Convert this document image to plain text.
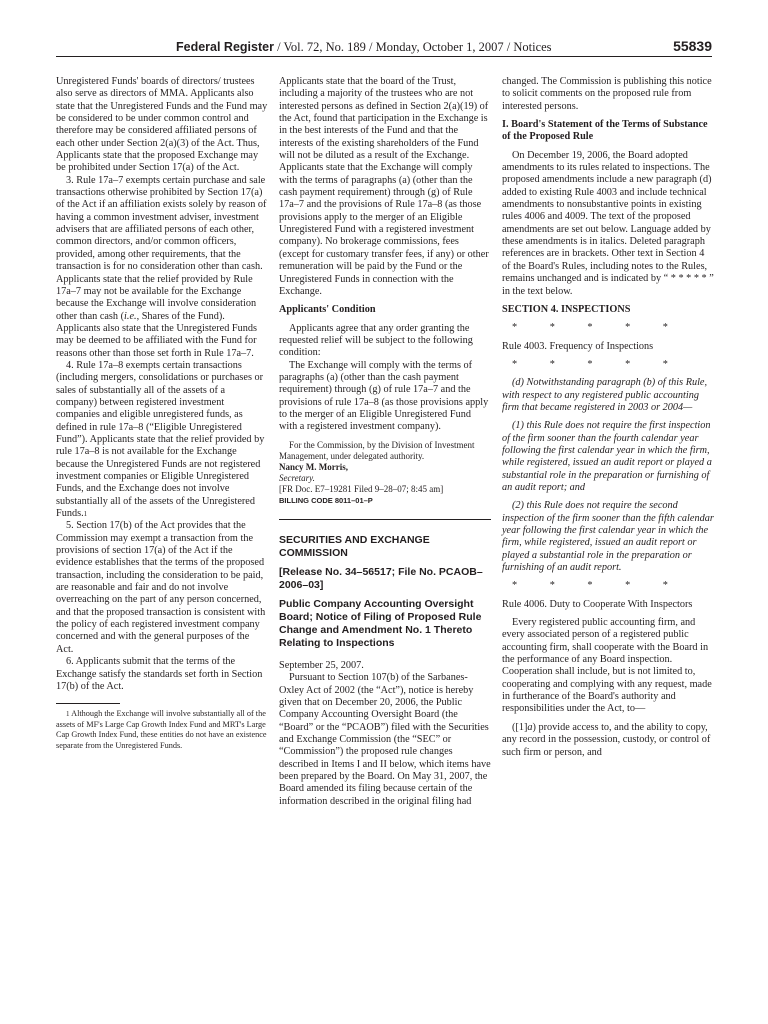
Federal Register / Vol. 72, No. 189 / Monday, October 1, 2007 / Notices	55839

Unregistered Funds' boards of directors/ trustees also serve as directors of MMA. Applicants also state that the Unregistered Funds and the Fund may be considered to be under common control and therefore may be considered affiliated persons of each other under Section 2(a)(3) of the Act. Thus, Applicants state that the proposed Exchange may be prohibited under Section 17(a) of the Act.

3. Rule 17a–7 exempts certain purchase and sale transactions otherwise prohibited by Section 17(a) of the Act if an affiliation exists solely by reason of having a common investment adviser, investment advisers that are affiliated persons of each other, common directors, and/or common officers, provided, among other requirements, that the transaction is for no consideration other than cash. Applicants state that the relief provided by Rule 17a–7 may not be available for the Exchange because the Exchange will involve consideration other than cash (i.e., Shares of the Fund). Applicants also state that the Unregistered Funds may be deemed to be affiliated with the Fund for reasons other than those set forth in Rule 17a–7.

4. Rule 17a–8 exempts certain transactions (including mergers, consolidations or purchases or sales of substantially all of the assets of a company) between registered investment companies and eligible unregistered funds, as defined in rule 17a–8 (“Eligible Unregistered Fund”). Applicants state that the relief provided by rule 17a–8 is not available for the Exchange because the Unregistered Funds are not registered investment companies or Eligible Unregistered Funds, and the Exchange does not involve substantially all of the assets of the Unregistered Funds.$^1$

5. Section 17(b) of the Act provides that the Commission may exempt a transaction from the provisions of section 17(a) of the Act if the evidence establishes that the terms of the proposed transaction, including the consideration to be paid, are reasonable and fair and do not involve overreaching on the part of any person concerned, and that the proposed transaction is consistent with the policy of each registered investment company concerned and with the general purposes of the Act.

6. Applicants submit that the terms of the Exchange satisfy the standards set forth in Section 17(b) of the Act.

$^1$ Although the Exchange will involve substantially all of the assets of MF's Large Cap Growth Index Fund and MRT's Large Cap Growth Index Fund, these entities do not have an existence separate from the Unregistered Funds.

Applicants state that the board of the Trust, including a majority of the trustees who are not interested persons as defined in Section 2(a)(19) of the Act, found that participation in the Exchange is in the best interests of the Fund and that the interests of the existing shareholders of the Fund will not be diluted as a result of the Exchange. Applicants state that the Exchange will comply with the terms of paragraphs (a) (other than the cash payment requirement) through (g) of Rule 17a–7 and the provisions of Rule 17a–8 (as those provisions apply to the merger of an Eligible Unregistered Fund with a registered investment company). No brokerage commissions, fees (except for customary transfer fees, if any) or other remuneration will be paid by the Fund or the Unregistered Funds in connection with the Exchange.

Applicants' Condition

Applicants agree that any order granting the requested relief will be subject to the following condition:

The Exchange will comply with the terms of paragraphs (a) (other than the cash payment requirement) through (g) of rule 17a–7 and the provisions of rule 17a–8 (as those provisions apply to the merger of an Eligible Unregistered Fund with a registered investment company).

For the Commission, by the Division of Investment Management, under delegated authority.

Nancy M. Morris,

Secretary.

[FR Doc. E7–19281 Filed 9–28–07; 8:45 am]

BILLING CODE 8011–01–P

SECURITIES AND EXCHANGE COMMISSION

[Release No. 34–56517; File No. PCAOB–2006–03]

Public Company Accounting Oversight Board; Notice of Filing of Proposed Rule Change and Amendment No. 1 Thereto Relating to Inspections

September 25, 2007.

Pursuant to Section 107(b) of the Sarbanes-Oxley Act of 2002 (the “Act”), notice is hereby given that on December 20, 2006, the Public Company Accounting Oversight Board (the “Board” or the “PCAOB”) filed with the Securities and Exchange Commission (the “SEC” or “Commission”) the proposed rule changes described in Items I and II below, which items have been prepared by the Board. On May 31, 2007, the Board amended its filing because certain of the information described in the original filing had

changed. The Commission is publishing this notice to solicit comments on the proposed rule from interested persons.

I. Board's Statement of the Terms of Substance of the Proposed Rule

On December 19, 2006, the Board adopted amendments to its rules related to inspections. The proposed amendments include a new paragraph (d) added to existing Rule 4003 and include technical amendments to nonsubstantive points in existing rules 4006 and 4009. The text of the proposed amendments are set out below. Language added by these amendments is in italics. Deleted paragraph references are in brackets. Other text in Section 4 of the Board's Rules, including notes to the Rules, remains unchanged and is indicated by “ * * * * * ” in the text below.

SECTION 4. INSPECTIONS

* * * * *

Rule 4003. Frequency of Inspections

* * * * *

(d) Notwithstanding paragraph (b) of this Rule, with respect to any registered public accounting firm that became registered in 2003 or 2004—

(1) this Rule does not require the first inspection of the firm sooner than the fourth calendar year following the first calendar year in which the firm, while registered, issued an audit report or played a substantial role in the preparation or furnishing of an audit report; and

(2) this Rule does not require the second inspection of the firm sooner than the fifth calendar year following the first calendar year in which the firm, while registered, issued an audit report or played a substantial role in the preparation or furnishing of an audit report.

* * * * *

Rule 4006. Duty to Cooperate With Inspectors

Every registered public accounting firm, and every associated person of a registered public accounting firm, shall cooperate with the Board in the performance of any Board inspection. Cooperation shall include, but is not limited to, cooperating and complying with any request, made in furtherance of the Board's authority and responsibilities under the Act, to—

([1]a) provide access to, and the ability to copy, any record in the possession, custody, or control of such firm or person, and
